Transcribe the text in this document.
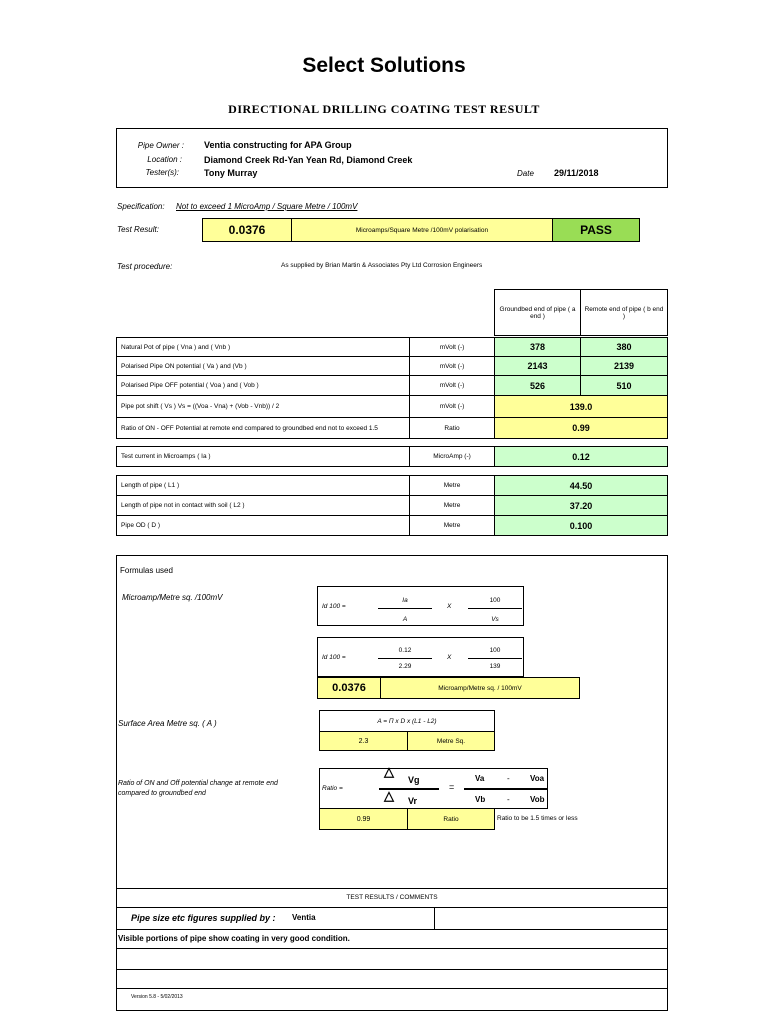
Select Solutions
DIRECTIONAL DRILLING COATING TEST RESULT
Pipe Owner : Ventia constructing for APA Group
Location : Diamond Creek Rd-Yan Yean Rd, Diamond Creek
Tester(s):	Tony Murray	Date 29/11/2018
Specification: Not to exceed 1 MicroAmp / Square Metre / 100mV
Test Result:	0.0376	Microamps/Square Metre /100mV polarisation	PASS
Test procedure:	As supplied by Brian Martin & Associates Pty Ltd Corrosion Engineers
Groundbed end of pipe ( a end )
Remote end of pipe ( b end )
Natural Pot of pipe ( Vna ) and ( Vnb )	mVolt (-)	378	380
Polarised Pipe ON potential ( Va ) and (Vb )	mVolt (-)	2143	2139
Polarised Pipe OFF potential ( Voa ) and ( Vob )	mVolt (-)	526	510
Pipe pot shift ( Vs ) Vs = ((Voa - Vna) + (Vob - Vnb)) / 2	mVolt (-)	139.0
Ratio of ON - OFF Potential at remote end compared to groundbed end not to exceed 1.5	Ratio	0.99
Test current in Microamps ( Ia )	MicroAmp (-)	0.12
Length of pipe ( L1 )	Metre	44.50
Length of pipe not in contact with soil ( L2 )	Metre	37.20
Pipe OD ( D )	Metre	0.100
Formulas used
Microamp/Metre sq. /100mV
Id 100 =
Ia
A
X
100
Vs
Id 100 =
0.12
2.29
X
100
139
0.0376	Microamp/Metre sq. / 100mV
Surface Area Metre sq. ( A )	A = Π x D x (L1 - L2)
2.3	Metre Sq.
Ratio of ON and Off potential change at remote end compared to groundbed end
Ratio =
△
Vg
△ Vr
=
Va	-	Voa
Vb	-	Vob
0.99	Ratio	Ratio to be 1.5 times or less
TEST RESULTS / COMMENTS
Pipe size etc figures supplied by : Ventia
Visible portions of pipe show coating in very good condition.
Version 5.8 - 5/02/2013
